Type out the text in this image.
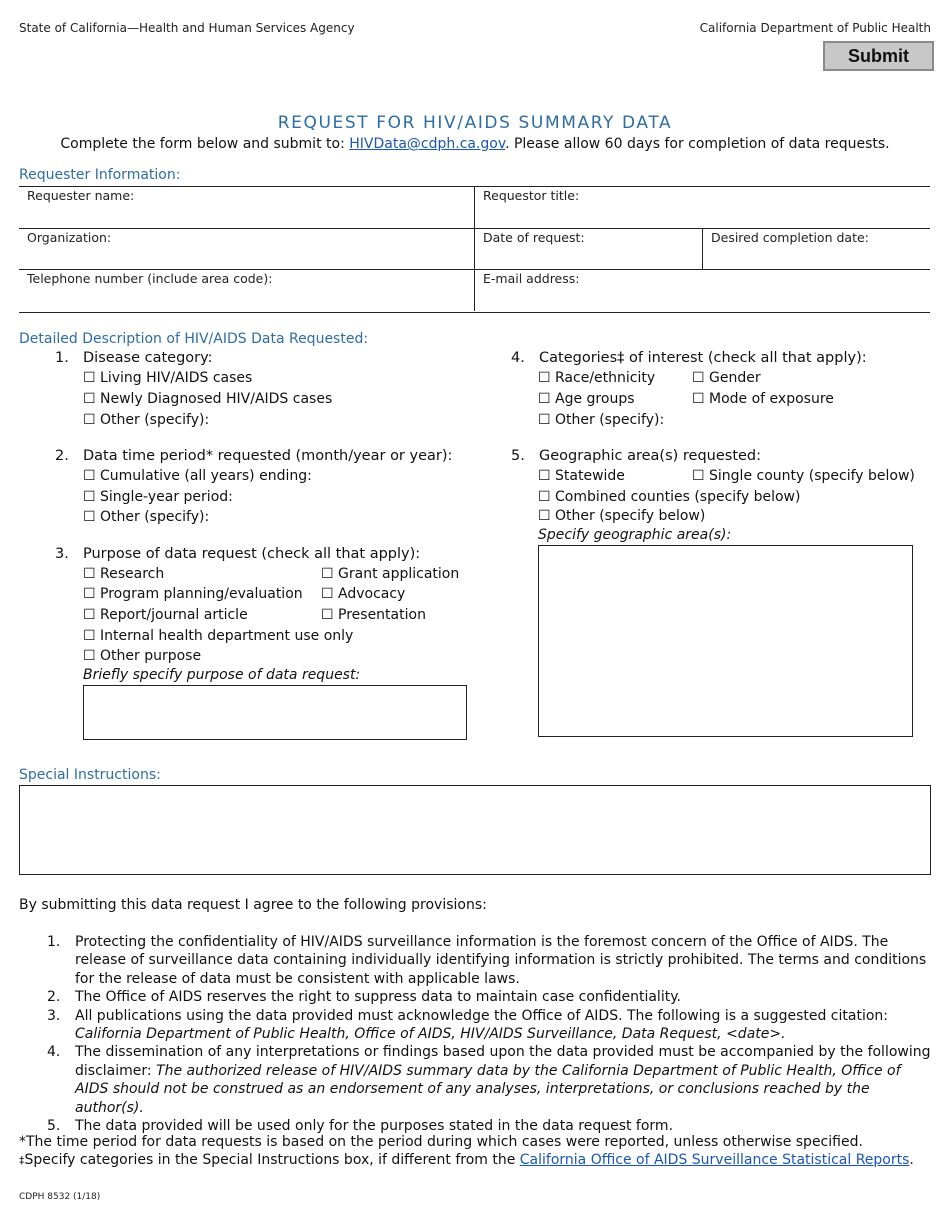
State of California—Health and Human Services Agency	California Department of Public Health
Submit
REQUEST FOR HIV/AIDS SUMMARY DATA
Complete the form below and submit to: HIVData@cdph.ca.gov. Please allow 60 days for completion of data requests.
Requester Information:
Requester name:	Requestor title:
Organization:	Date of request:	Desired completion date:
Telephone number (include area code):	E-mail address:
Detailed Description of HIV/AIDS Data Requested:
1. Disease category:
☐ Living HIV/AIDS cases
☐ Newly Diagnosed HIV/AIDS cases
☐ Other (specify):
2. Data time period* requested (month/year or year):
☐ Cumulative (all years) ending:
☐ Single-year period:
☐ Other (specify):
3. Purpose of data request (check all that apply):
☐ Research	☐ Grant application
☐ Program planning/evaluation ☐ Advocacy
☐ Report/journal article	☐ Presentation
☐ Internal health department use only
☐ Other purpose
Briefly specify purpose of data request:
4. Categories‡ of interest (check all that apply):
☐ Race/ethnicity	☐ Gender
☐ Age groups	☐ Mode of exposure
☐ Other (specify):
5. Geographic area(s) requested:
☐ Statewide	☐ Single county (specify below)
☐ Combined counties (specify below)
☐ Other (specify below)
Specify geographic area(s):
Special Instructions:
By submitting this data request I agree to the following provisions:
1. Protecting the confidentiality of HIV/AIDS surveillance information is the foremost concern of the Office of AIDS. The release of surveillance data containing individually identifying information is strictly prohibited. The terms and conditions for the release of data must be consistent with applicable laws.
2. The Office of AIDS reserves the right to suppress data to maintain case confidentiality.
3. All publications using the data provided must acknowledge the Office of AIDS. The following is a suggested citation:
California Department of Public Health, Office of AIDS, HIV/AIDS Surveillance, Data Request, <date>.
4. The dissemination of any interpretations or findings based upon the data provided must be accompanied by the following disclaimer: The authorized release of HIV/AIDS summary data by the California Department of Public Health, Office of AIDS should not be construed as an endorsement of any analyses, interpretations, or conclusions reached by the author(s).
5. The data provided will be used only for the purposes stated in the data request form.
*The time period for data requests is based on the period during which cases were reported, unless otherwise specified.
‡Specify categories in the Special Instructions box, if different from the California Office of AIDS Surveillance Statistical Reports.
CDPH 8532 (1/18)
